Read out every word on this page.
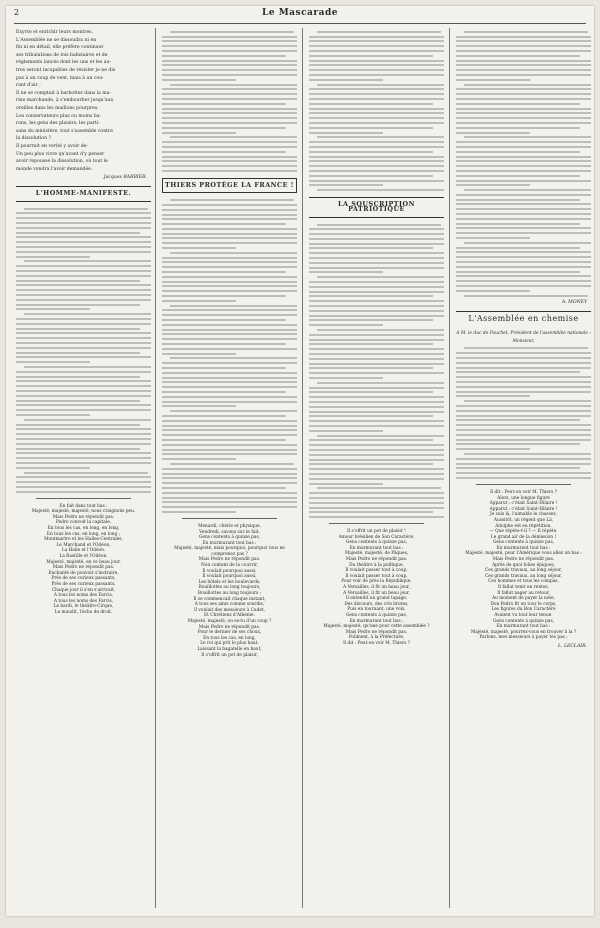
2	Le Mascarade
Exyvte et enrichir leurs montres.
L'Assemblée ne se dissoudra ni en
fin ni en détail, elle préfère continuer
ses tribulations de lois balnéaires et de
règlements lancés dont les uns et les au-
tres seront incapables de résister je ne dis
pas à un coup de vent, mais à un cou-
rant d'air ;
Il ne se comptait à barbotter dans la ma-
rine marchande, à s'embourber jusqu'aux
oreilles dans les maillons pourpres.
Les conservateurs plus ou moins ba-
rons, les gens des plaisirs, les parti-
sans du ministère, tout s'assemble contre
la dissolution ?
Il pourrait en verité y avoir de-
Un peu plus vivre qu'avant d'y penser
avoir repoussé la dissolution, où tout le
monde vondra l'avoir demandée.
Jacques BARBIER.
L'HOMME-MANIFESTE.
En fait dans tout bas :
Majesté, majesté, majesté, nous craignons peu.
Mais Pedro ne répondit pas.
Pedro convoit la capitale,
En tous les cas, en long, en long,
En tous les cas, en long, en long ;
Montmartre et les Halles-Centrales,
Le Marchand et l'Odéon,
La Halle et l'Odéon.
La Bastille et l'Odéon.
Majesté, majesté, en ce beau jour.
Mais Pedro ne répondit pas.
Enchanté de pouvoir s'instruire,
Près de ses curieux passants,
Près de ses curieux passants,
Chaque jour il s'en s'arrivait,
A tous les noms des Farcis,
A tous les noms des Farcis,
Le bardi, le théâtre-Cirque,
Le maudit, l'écho de droit.
THIERS PROTÈGE LA FRANCE !
Menardi, chérie et physique,
Vendredi, savons sur le fait.
Gens contents à quinze pas,
En murmurant tout bas :
Majesté, majesté, mais pourquoi, pourquoi tous ne
comprenez pas ?
Mais Pedro ne répondit pas.
Non content de la couvrir,
Il voulait pourquoi aussi,
Il voulait pourquoi aussi,
Les hôtels et les boulevards,
Bouillottes au long toujours,
Bouillottes au long toujours ;
Il se commencait chaque instant,
A tous ses amis comme sourdis,
Il voulait des messieurs à Cadet,
Et Chrétiens d'Athénie.
Majesté, majesté, ou es-tu d'un coup ?
Mais Pedro ne répondit pas.
Pour le dernier de ses choux,
En tous les cas, en long,
Le roi qui prit le plus haut.
Laissant la bagatelle en haut,
Il s'offrit un pot de plaisir,
LA SOUSCRIPTION PATRIOTIQUE
Il s'offrit un pot de plaisir !
Amour brésilien de Son Caractère,
Gens contents à quinze pas,
En murmurant tout bas :
Majesté, majesté, de Pâques,
Mais Pedro ne répondit pas.
Du théâtre à la politique,
Il voulait passer tout à coup,
Il voulait passer tout à coup,
Pour voir de près la République,
A Versailles, il fit un beau jour,
A Versailles, il fit un beau jour,
Il entendit un grand tapage,
Des discours, des cris brutes,
Puis en tournant, une voix,
Gens contents à quinze pas,
En murmurant tout bas :
Majesté, majesté, qu'une pour cette assemblée ?
Mais Pedro ne répondit pas.
Poliment, à la Préfecture,
Il dit : Peut-on voir M. Thiers ?
A. MONEY
L'Assemblée en chemise
A M. le duc de Pouchet, Président de l'assemblée nationale :
Monsieur,
Il dit : Peut-on voir M. Thiers ?
Alors, une longue figure
Apparut : c'était Saint-Hilaire !
Apparut : c'était Saint-Hilaire !
Je suis là, l'aimable le chassez,
Aussitôt, un régent que Là,
Adolphe est en répétition.
— Que répète-t-il ? — Il répète.
Le grand air de la démission !
Gens contents à quinze pas,
En murmurant tout bas :
Majesté, majesté, pour l'Amérique vous allez un bas :
Mais Pedro ne répondit pas.
Après de quoi folies épiques,
Ces grands travaux, au long séjour,
Ces grands travaux, au long séjour,
Ces hommes et tous les compas,
Il fallut tenir en rentes,
Il fallut nager au retour,
Au moment de payer la note,
Don Pedro fit un tour le corps,
Les figures du Bon Caractère
Avaient vu tout leur tenue.
Gens contents à quinze pas,
En murmurant tout bas :
Majesté, majesté, pourrez-vous en trouver à la ?
Parlons, mes messieurs à payer tes pas ;
L. LECLAIR.
